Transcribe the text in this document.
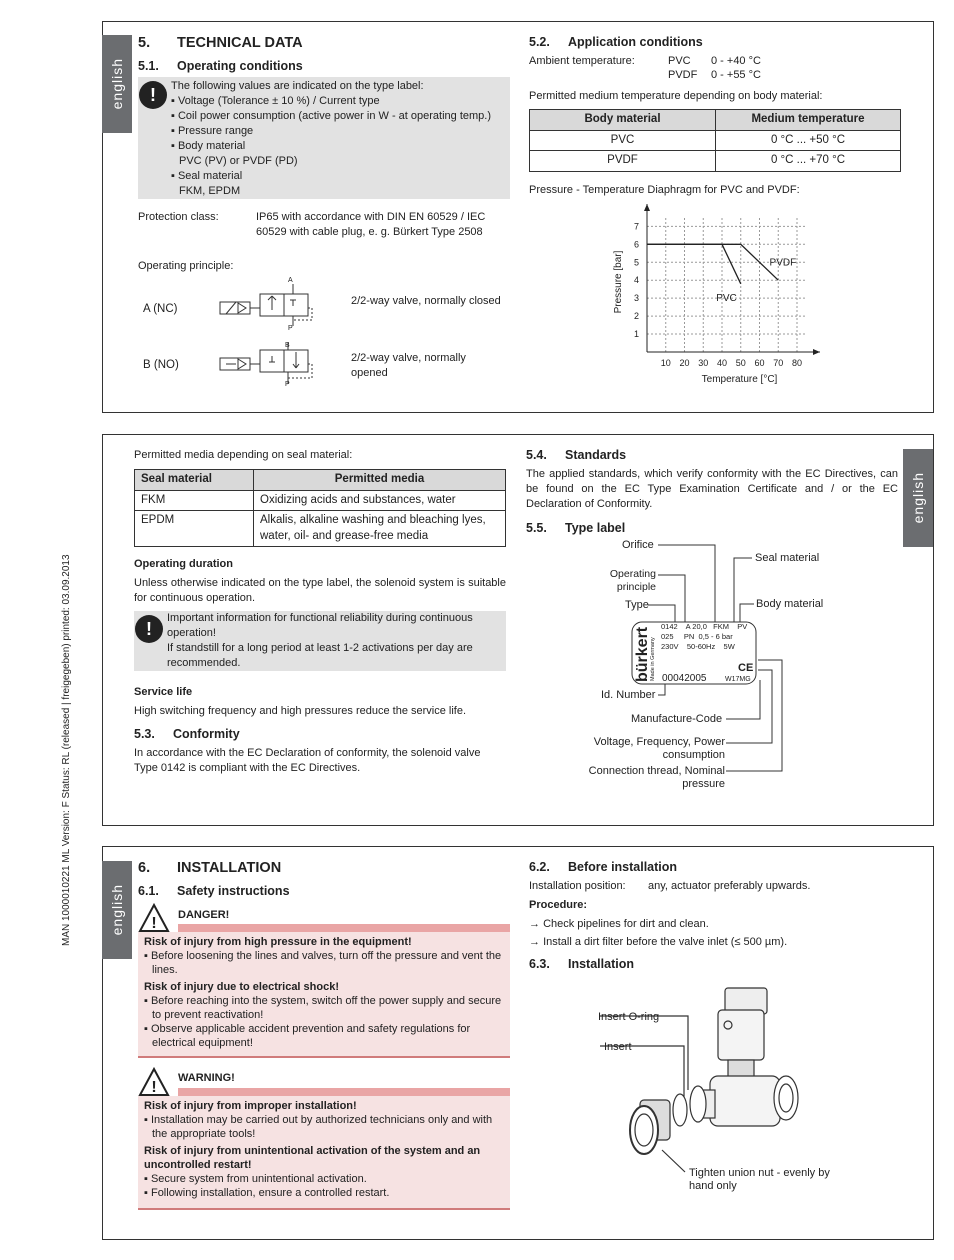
MAN 1000010221 ML Version: F Status: RL (released | freigegeben) printed: 03.09.2013
english
5. TECHNICAL DATA
5.1. Operating conditions
!	The following values are indicated on the type label:
▪ Voltage (Tolerance ± 10 %) / Current type
▪ Coil power consumption (active power in W - at operating temp.)
▪ Pressure range
▪ Body material
PVC (PV) or PVDF (PD)
▪ Seal material
FKM, EPDM
Protection class:	IP65 with accordance with DIN EN 60529 / IEC 60529 with cable plug, e. g. Bürkert Type 2508
Operating principle:
A (NC)
2/2-way valve, normally closed
B (NO)
2/2-way valve, normally opened
A
P
B
P
5.2. Application conditions
Ambient temperature:	PVC 0 - +40 °C
PVDF 0 - +55 °C
Permitted medium temperature depending on body material:
Body material	Medium temperature
PVC	0 °C ... +50 °C
PVDF	0 °C ... +70 °C
Pressure - Temperature Diaphragm for PVC and PVDF:
10 20 30 40 50 60 70 80
1
2
3
4
5
6
7
Temperature [°C]
Pressure [bar]	PVC
PVDF
english
Permitted media depending on seal material:
Seal material	Permitted media
FKM	Oxidizing acids and substances, water
EPDM	Alkalis, alkaline washing and bleaching lyes, water, oil- and grease-free media
Operating duration
Unless otherwise indicated on the type label, the solenoid system is suitable for continuous operation.
!
Important information for functional reliability during continuous operation!
If standstill for a long period at least 1-2 activations per day are recommended.
Service life
High switching frequency and high pressures reduce the service life.
5.3. Conformity
In accordance with the EC Declaration of conformity, the solenoid valve Type 0142 is compliant with the EC Directives.
5.4. Standards
The applied standards, which verify conformity with the EC Directives, can be found on the EC Type Examination Certificate and / or the EC Declaration of Conformity.
5.5. Type label
Orifice
Operating principle
Type
Seal material
Body material
Id. Number
Manufacture-Code
Voltage, Frequency, Power consumption
Connection thread, Nominal pressure
bürkert Made in Germany
0142    A 20,0   FKM    PV
025     PN  0,5 - 6 bar
230V    50-60Hz    5W
00042005
CE
W17MG
english
6. INSTALLATION
6.1. Safety instructions
! DANGER!
Risk of injury from high pressure in the equipment!
▪ Before loosening the lines and valves, turn off the pressure and vent the lines.
Risk of injury due to electrical shock!
▪ Before reaching into the system, switch off the power supply and secure to prevent reactivation!
▪ Observe applicable accident prevention and safety regulations for electrical equipment!
!
WARNING!
Risk of injury from improper installation!
▪ Installation may be carried out by authorized technicians only and with the appropriate tools!
Risk of injury from unintentional activation of the system and an uncontrolled restart!
▪ Secure system from unintentional activation.
▪ Following installation, ensure a controlled restart.
6.2. Before installation
Installation position: any, actuator preferably upwards.
Procedure:
→ Check pipelines for dirt and clean.
→ Install a dirt filter before the valve inlet (≤ 500 µm).
6.3. Installation
Insert O-ring
Insert
Tighten union nut - evenly by hand only
